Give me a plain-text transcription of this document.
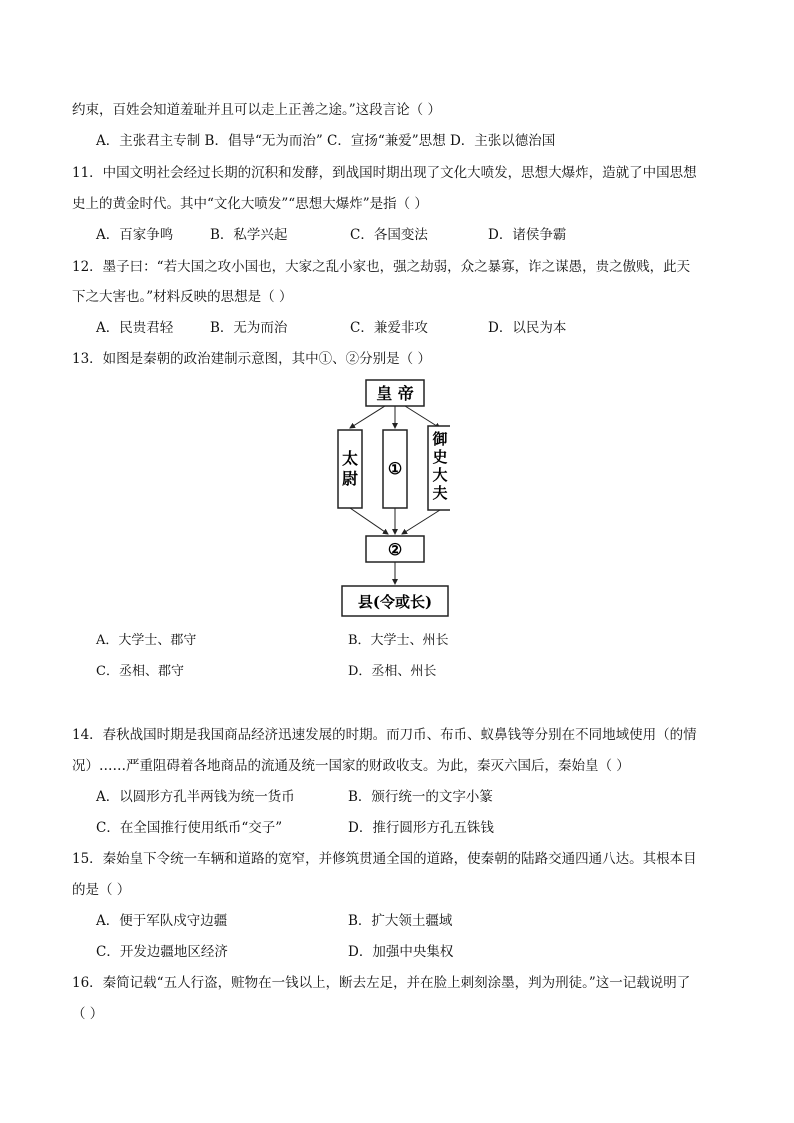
约束，百姓会知道羞耻并且可以走上正善之途。”这段言论（ ）
A．主张君主专制 B．倡导“无为而治” C．宣扬“兼爱”思想 D．主张以德治国
11．中国文明社会经过长期的沉积和发酵，到战国时期出现了文化大喷发，思想大爆炸，造就了中国思想
史上的黄金时代。其中“文化大喷发”“思想大爆炸”是指（ ）
A．百家争鸣	B．私学兴起	C．各国变法	D．诸侯争霸
12．墨子曰：“若大国之攻小国也，大家之乱小家也，强之劫弱，众之暴寡，诈之谋愚，贵之傲贱，此天
下之大害也。”材料反映的思想是（ ）
A．民贵君轻	B．无为而治	C．兼爱非攻	D．以民为本
13．如图是秦朝的政治建制示意图，其中①、②分别是（ ）
皇 帝
太
尉
①
御
史
大
夫
②
县(令或长)
A．大学士、郡守	B．大学士、州长
C．丞相、郡守	D．丞相、州长
14．春秋战国时期是我国商品经济迅速发展的时期。而刀币、布币、蚁鼻钱等分别在不同地域使用（的情
况）……严重阻碍着各地商品的流通及统一国家的财政收支。为此，秦灭六国后，秦始皇（ ）
A．以圆形方孔半两钱为统一货币	B．颁行统一的文字小篆
C．在全国推行使用纸币“交子”	D．推行圆形方孔五铢钱
15．秦始皇下令统一车辆和道路的宽窄，并修筑贯通全国的道路，使秦朝的陆路交通四通八达。其根本目
的是（ ）
A．便于军队戍守边疆	B．扩大领土疆域
C．开发边疆地区经济	D．加强中央集权
16．秦简记载“五人行盗，赃物在一钱以上，断去左足，并在脸上刺刻涂墨，判为刑徒。”这一记载说明了
（ ）
